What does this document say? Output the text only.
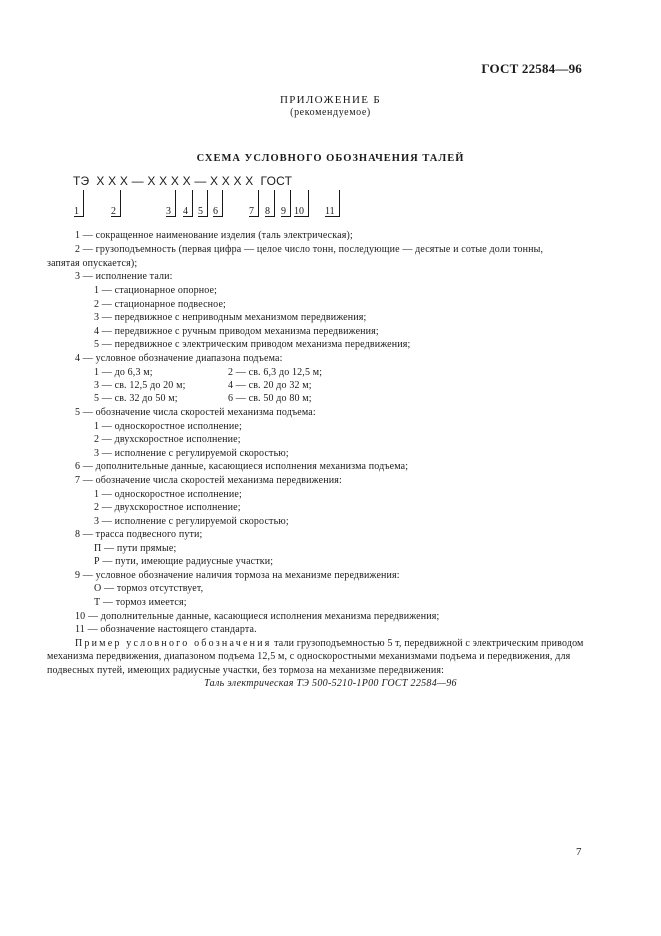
ГОСТ 22584—96
ПРИЛОЖЕНИЕ Б
(рекомендуемое)
СХЕМА УСЛОВНОГО ОБОЗНАЧЕНИЯ ТАЛЕЙ
ТЭ  X X X — X X X X — X X X X  ГОСТ
1	2	3 4 5 6	7 8 9 10 11
1 — сокращенное наименование изделия (таль электрическая);
2 — грузоподъемность (первая цифра — целое число тонн, последующие — десятые и сотые доли тонны,
запятая опускается);
3 — исполнение тали:
1 — стационарное опорное;
2 — стационарное подвесное;
3 — передвижное с неприводным механизмом передвижения;
4 — передвижное с ручным приводом механизма передвижения;
5 — передвижное с электрическим приводом механизма передвижения;
4 — условное обозначение диапазона подъема:
1 — до 6,3 м;	2 — св. 6,3 до 12,5 м;
3 — св. 12,5 до 20 м;	4 — св. 20 до 32 м;
5 — св. 32 до 50 м;	6 — св. 50 до 80 м;
5 — обозначение числа скоростей механизма подъема:
1 — односкоростное исполнение;
2 — двухскоростное исполнение;
3 — исполнение с регулируемой скоростью;
6 — дополнительные данные, касающиеся исполнения механизма подъема;
7 — обозначение числа скоростей механизма передвижения:
1 — односкоростное исполнение;
2 — двухскоростное исполнение;
3 — исполнение с регулируемой скоростью;
8 — трасса подвесного пути;
П — пути прямые;
Р — пути, имеющие радиусные участки;
9 — условное обозначение наличия тормоза на механизме передвижения:
О — тормоз отсутствует,
Т — тормоз имеется;
10 — дополнительные данные, касающиеся исполнения механизма передвижения;
11 — обозначение настоящего стандарта.
Пример условного обозначения тали грузоподъемностью 5 т, передвижной с электрическим приводом
механизма передвижения, диапазоном подъема 12,5 м, с односкоростными механизмами подъема и передвижения, для
подвесных путей, имеющих радиусные участки, без тормоза на механизме передвижения:
Таль электрическая ТЭ 500-5210-1Р00 ГОСТ 22584—96
7
